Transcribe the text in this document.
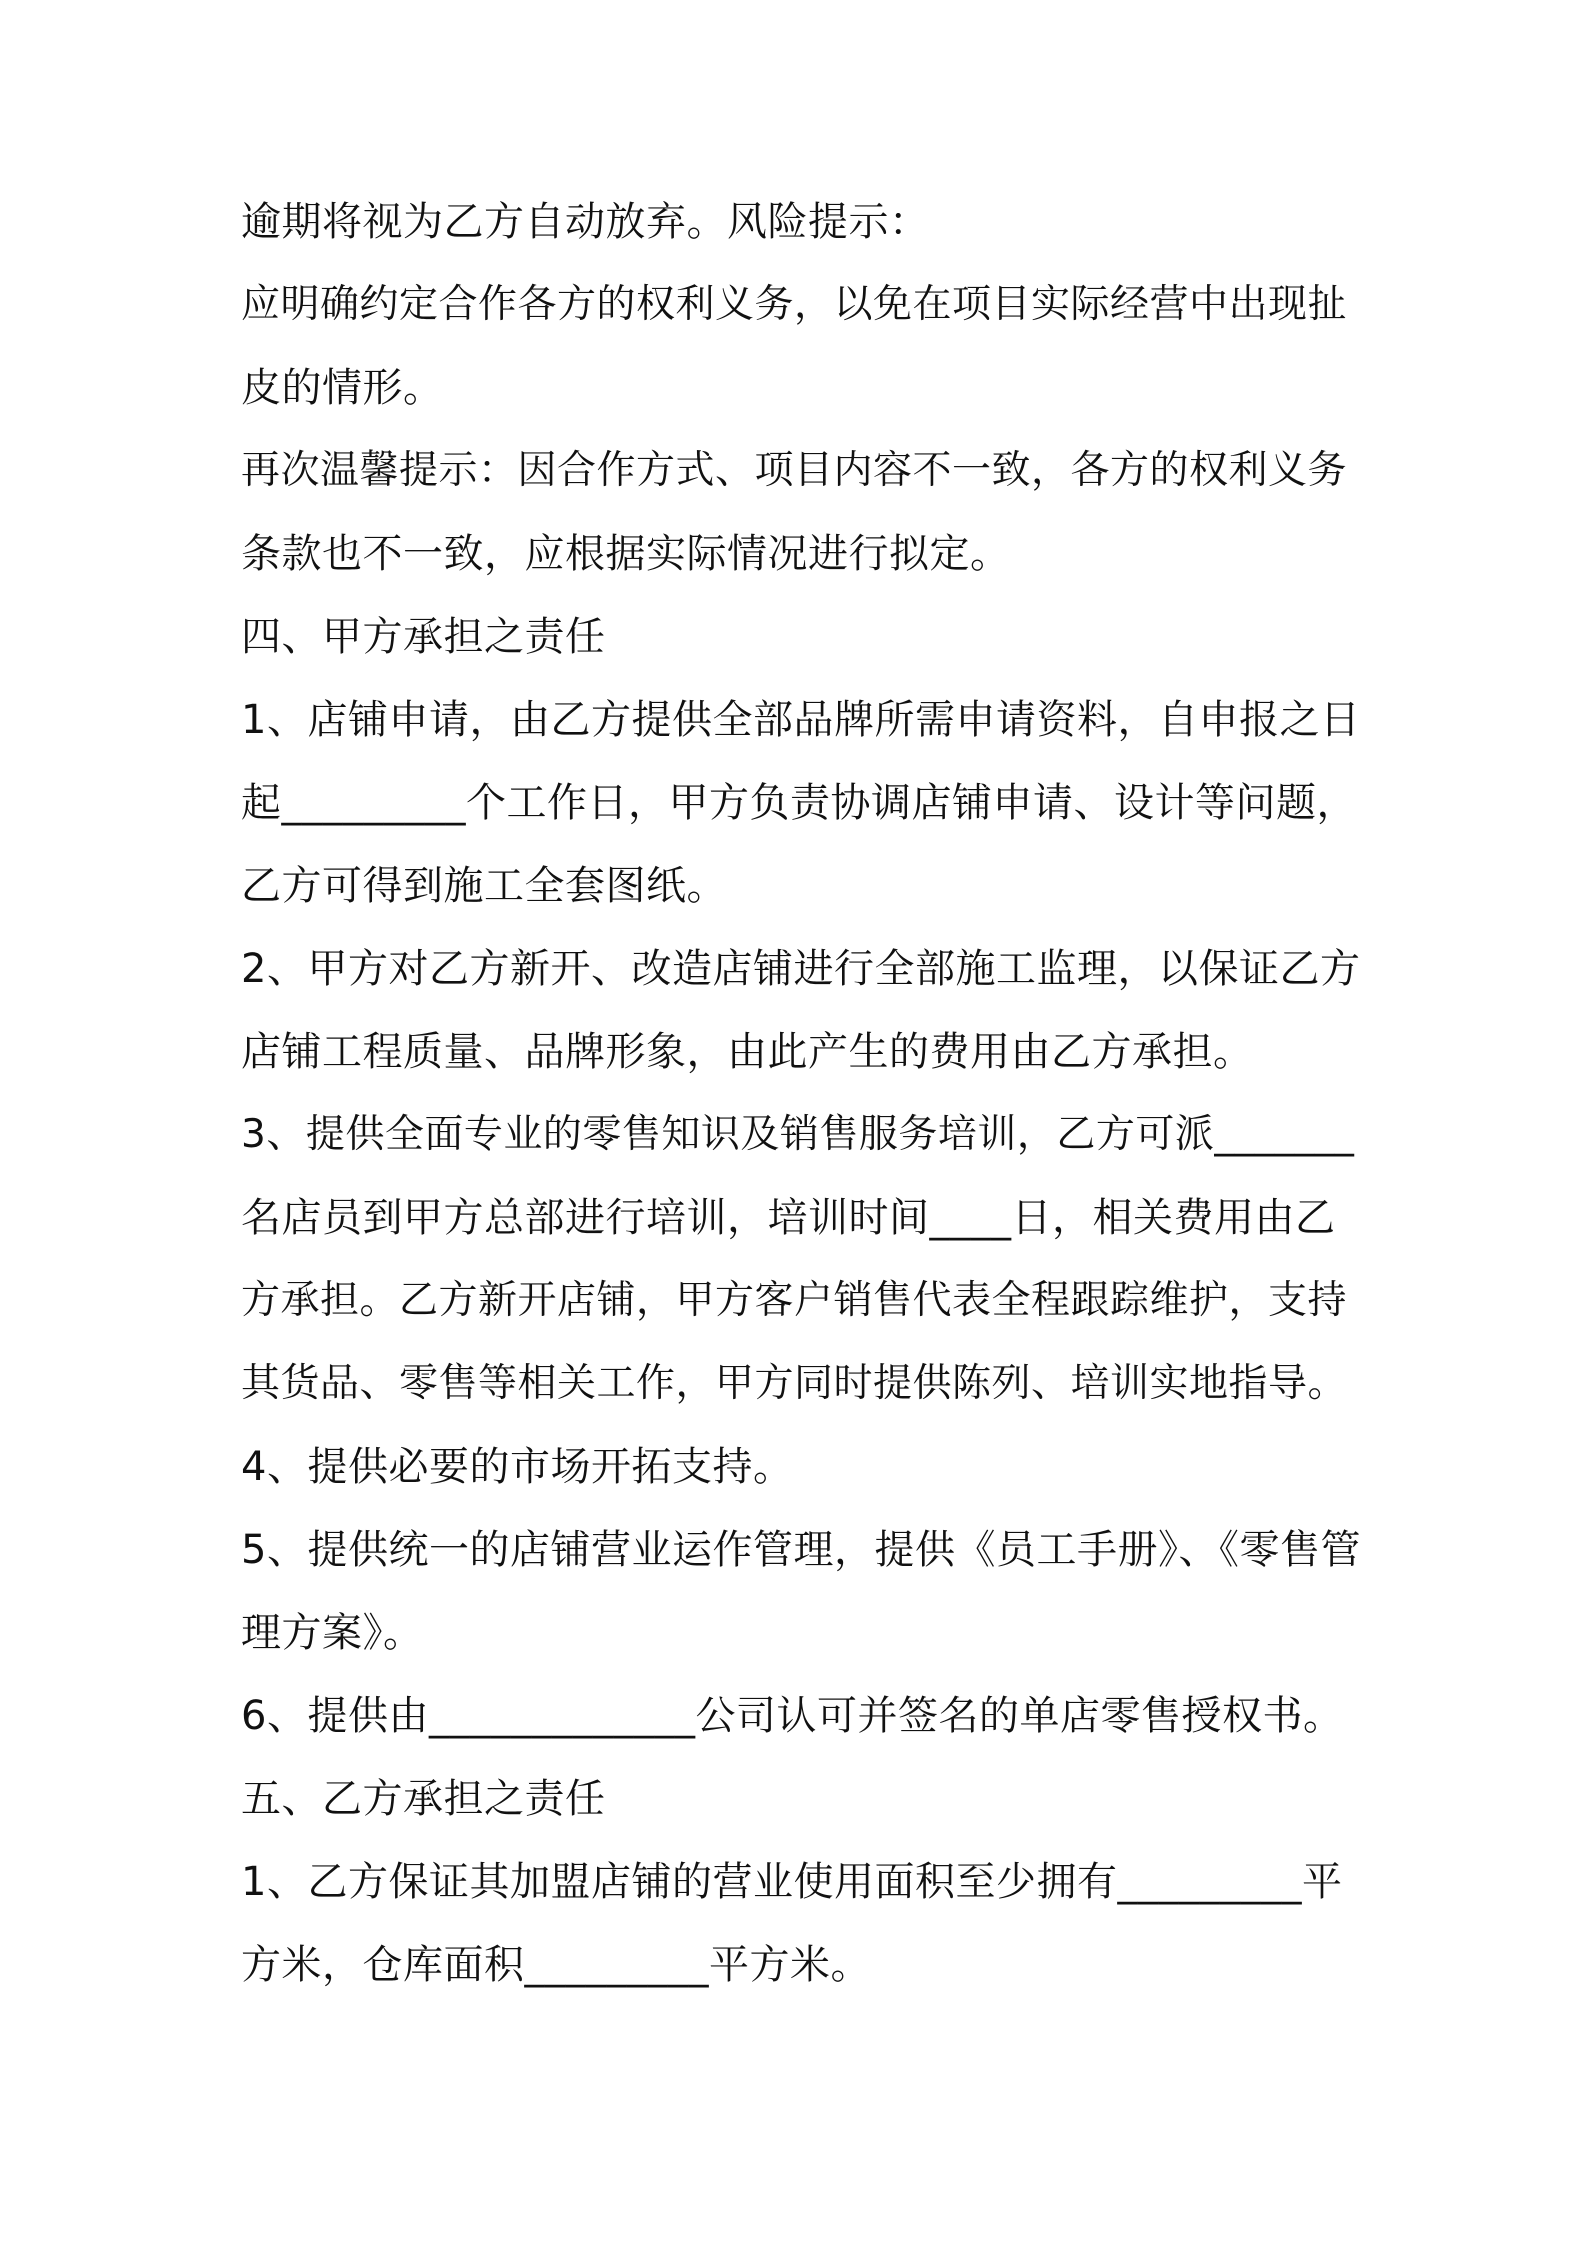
逾期将视为乙方自动放弃。风险提示：
应明确约定合作各方的权利义务，以免在项目实际经营中出现扯
皮的情形。
再次温馨提示：因合作方式、项目内容不一致，各方的权利义务
条款也不一致，应根据实际情况进行拟定。
四、甲方承担之责任
1、店铺申请，由乙方提供全部品牌所需申请资料，自申报之日
起_________个工作日，甲方负责协调店铺申请、设计等问题，
乙方可得到施工全套图纸。
2、甲方对乙方新开、改造店铺进行全部施工监理，以保证乙方
店铺工程质量、品牌形象，由此产生的费用由乙方承担。
3、提供全面专业的零售知识及销售服务培训，乙方可派_______
名店员到甲方总部进行培训，培训时间____日，相关费用由乙
方承担。乙方新开店铺，甲方客户销售代表全程跟踪维护，支持
其货品、零售等相关工作，甲方同时提供陈列、培训实地指导。
4、提供必要的市场开拓支持。
5、提供统一的店铺营业运作管理，提供《员工手册》、《零售管
理方案》。
6、提供由_____________公司认可并签名的单店零售授权书。
五、乙方承担之责任
1、乙方保证其加盟店铺的营业使用面积至少拥有_________平
方米，仓库面积_________平方米。
